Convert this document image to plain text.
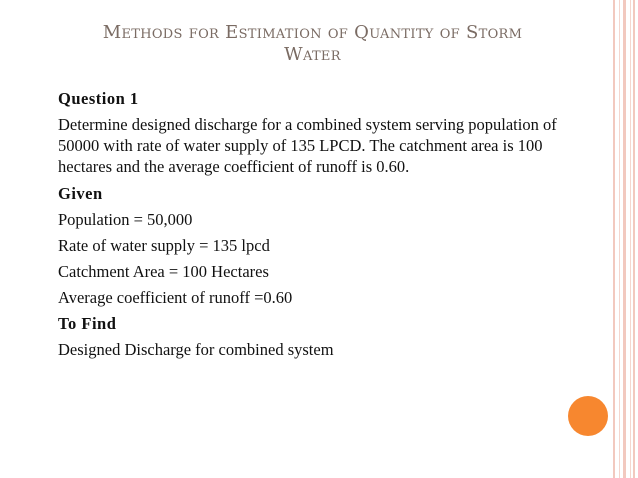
Methods for Estimation of Quantity of Storm
Water
Question 1
Determine designed discharge for a combined system serving population of 50000 with rate of water supply of 135 LPCD. The catchment area is 100 hectares and the average coefficient of runoff is 0.60.
Given
Population = 50,000
Rate of water supply = 135 lpcd
Catchment Area = 100 Hectares
Average coefficient of runoff =0.60
To Find
Designed Discharge for combined system
